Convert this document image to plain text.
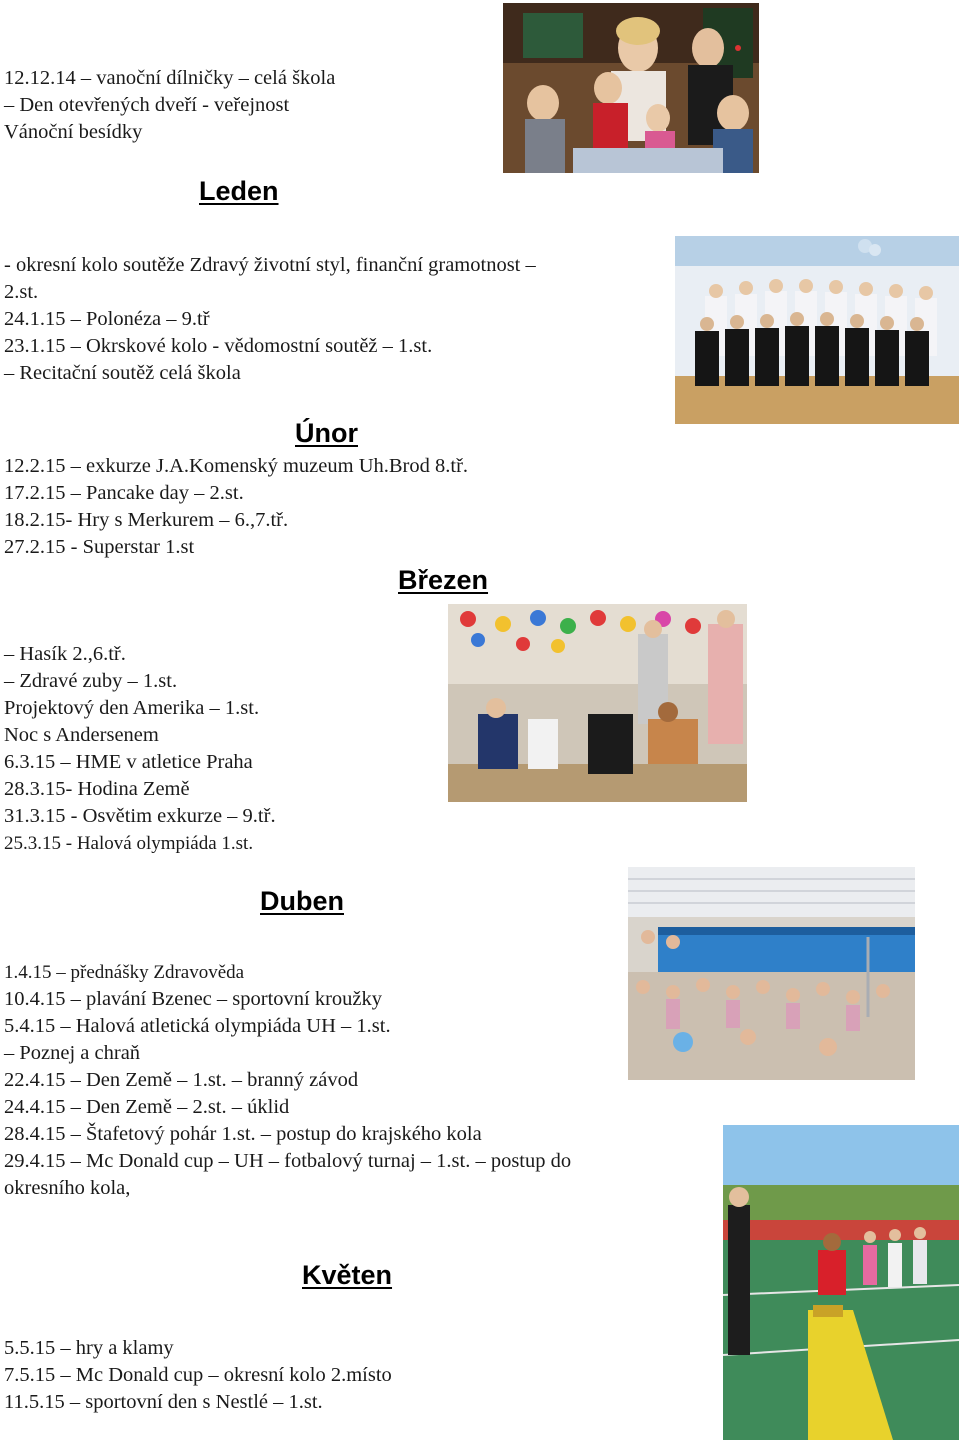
12.12.14 – vanoční dílničky – celá škola

– Den otevřených dveří - veřejnost

Vánoční besídky

Leden

- okresní kolo soutěže Zdravý životní styl, finanční gramotnost –

2.st.

24.1.15 – Polonéza – 9.tř

23.1.15 – Okrskové kolo - vědomostní soutěž – 1.st.

– Recitační soutěž celá škola

Únor

12.2.15 – exkurze J.A.Komenský muzeum Uh.Brod 8.tř.

17.2.15 – Pancake day – 2.st.

18.2.15- Hry s Merkurem – 6.,7.tř.

27.2.15 - Superstar 1.st

Březen

– Hasík 2.,6.tř.

– Zdravé zuby – 1.st.

Projektový den Amerika – 1.st.

Noc s Andersenem

6.3.15 – HME v atletice Praha

28.3.15- Hodina Země

31.3.15 - Osvětim exkurze – 9.tř.

25.3.15 - Halová olympiáda 1.st.

Duben

1.4.15 – přednášky Zdravověda

10.4.15 – plavání Bzenec – sportovní kroužky

5.4.15 – Halová atletická olympiáda UH – 1.st.

– Poznej a chraň

22.4.15 – Den Země – 1.st. – branný závod

24.4.15 – Den Země – 2.st. – úklid

28.4.15 – Štafetový pohár 1.st. – postup do krajského kola

29.4.15 – Mc Donald cup – UH – fotbalový turnaj – 1.st. – postup do

okresního kola,

Květen

5.5.15 – hry a klamy

7.5.15 – Mc Donald cup – okresní kolo 2.místo

11.5.15 – sportovní den s Nestlé – 1.st.
